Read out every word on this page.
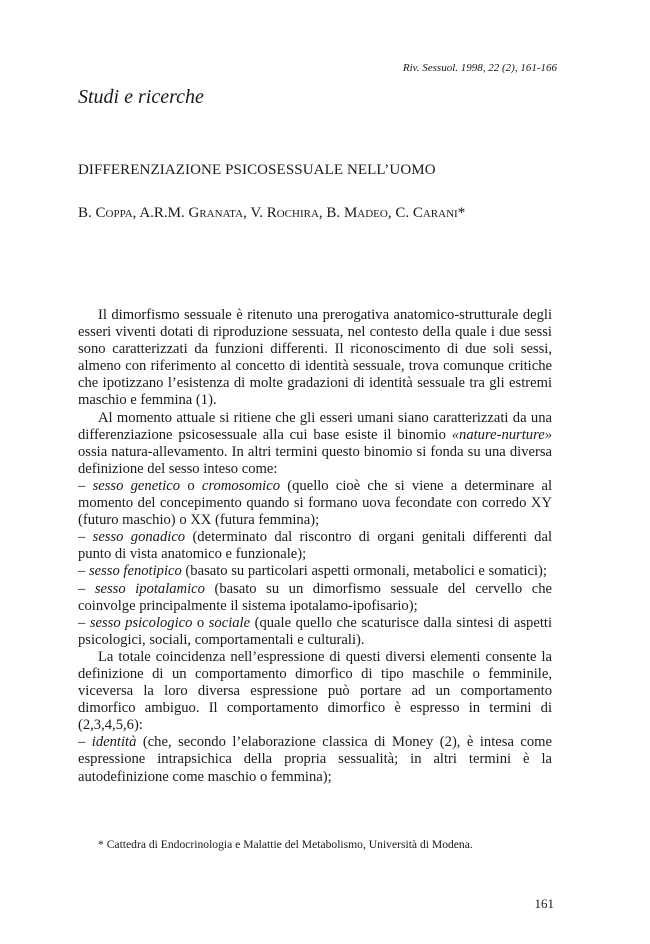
Riv. Sessuol. 1998, 22 (2), 161-166
Studi e ricerche
DIFFERENZIAZIONE PSICOSESSUALE NELL’UOMO
B. Coppa, A.R.M. Granata, V. Rochira, B. Madeo, C. Carani*

Il dimorfismo sessuale è ritenuto una prerogativa anatomico-strutturale degli esseri viventi dotati di riproduzione sessuata, nel contesto della quale i due sessi sono caratterizzati da funzioni differenti. Il riconoscimento di due soli sessi, almeno con riferimento al concetto di identità sessuale, trova comunque critiche che ipotizzano l’esistenza di molte gradazioni di identità sessuale tra gli estremi maschio e femmina (1).

Al momento attuale si ritiene che gli esseri umani siano caratterizzati da una differenziazione psicosessuale alla cui base esiste il binomio «nature-nurture» ossia natura-allevamento. In altri termini questo binomio si fonda su una diversa definizione del sesso inteso come:

– sesso genetico o cromosomico (quello cioè che si viene a determinare al momento del concepimento quando si formano uova fecondate con corredo XY (futuro maschio) o XX (futura femmina);

– sesso gonadico (determinato dal riscontro di organi genitali differenti dal punto di vista anatomico e funzionale);

– sesso fenotipico (basato su particolari aspetti ormonali, metabolici e somatici);

– sesso ipotalamico (basato su un dimorfismo sessuale del cervello che coinvolge principalmente il sistema ipotalamo-ipofisario);

– sesso psicologico o sociale (quale quello che scaturisce dalla sintesi di aspetti psicologici, sociali, comportamentali e culturali).

La totale coincidenza nell’espressione di questi diversi elementi consente la definizione di un comportamento dimorfico di tipo maschile o femminile, viceversa la loro diversa espressione può portare ad un comportamento dimorfico ambiguo. Il comportamento dimorfico è espresso in termini di (2,3,4,5,6):

– identità (che, secondo l’elaborazione classica di Money (2), è intesa come espressione intrapsichica della propria sessualità; in altri termini è la autodefinizione come maschio o femmina);

* Cattedra di Endocrinologia e Malattie del Metabolismo, Università di Modena.
161
